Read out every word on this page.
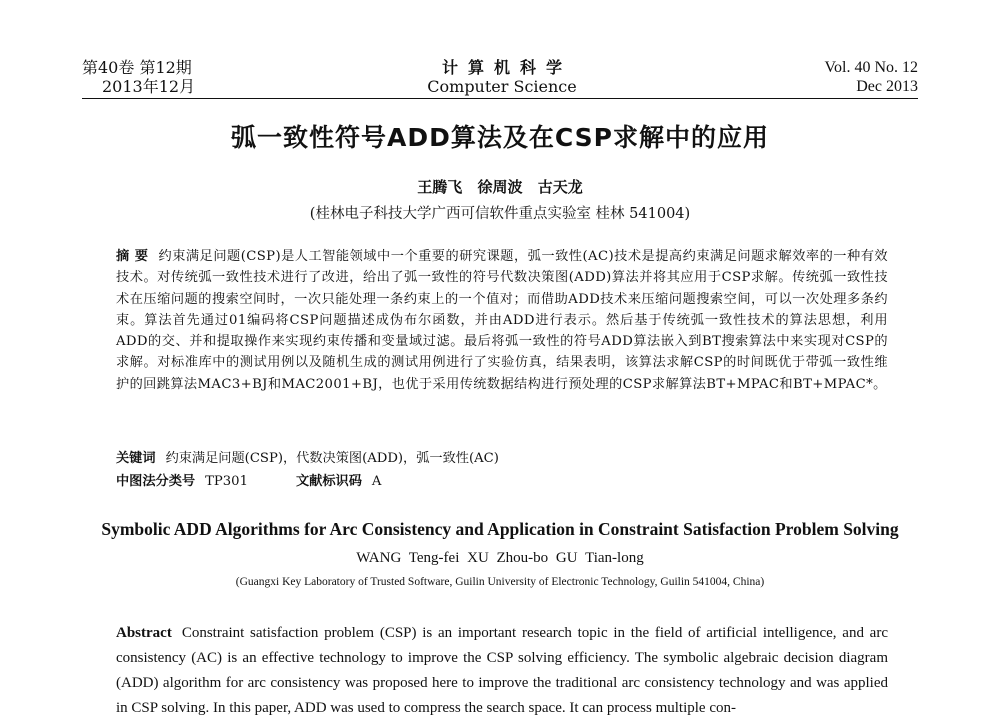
第40卷 第12期
2013年12月
计算机科学
Computer Science
Vol. 40 No. 12
Dec 2013
弧一致性符号ADD算法及在CSP求解中的应用
王腾飞 徐周波 古天龙
(桂林电子科技大学广西可信软件重点实验室 桂林 541004)
摘 要 约束满足问题(CSP)是人工智能领域中一个重要的研究课题，弧一致性(AC)技术是提高约束满足问题求解效率的一种有效技术。对传统弧一致性技术进行了改进，给出了弧一致性的符号代数决策图(ADD)算法并将其应用于CSP求解。传统弧一致性技术在压缩问题的搜索空间时，一次只能处理一条约束上的一个值对；而借助ADD技术来压缩问题搜索空间，可以一次处理多条约束。算法首先通过01编码将CSP问题描述成伪布尔函数，并由ADD进行表示。然后基于传统弧一致性技术的算法思想，利用ADD的交、并和提取操作来实现约束传播和变量域过滤。最后将弧一致性的符号ADD算法嵌入到BT搜索算法中来实现对CSP的求解。对标准库中的测试用例以及随机生成的测试用例进行了实验仿真，结果表明，该算法求解CSP的时间既优于带弧一致性维护的回跳算法MAC3+BJ和MAC2001+BJ，也优于采用传统数据结构进行预处理的CSP求解算法BT+MPAC和BT+MPAC*。
关键词 约束满足问题(CSP)，代数决策图(ADD)，弧一致性(AC)
中图法分类号 TP301	文献标识码 A
Symbolic ADD Algorithms for Arc Consistency and Application in Constraint Satisfaction Problem Solving
WANG Teng-fei XU Zhou-bo GU Tian-long
(Guangxi Key Laboratory of Trusted Software, Guilin University of Electronic Technology, Guilin 541004, China)
Abstract Constraint satisfaction problem (CSP) is an important research topic in the field of artificial intelligence, and arc consistency (AC) is an effective technology to improve the CSP solving efficiency. The symbolic algebraic decision diagram (ADD) algorithm for arc consistency was proposed here to improve the traditional arc consistency technology and was applied in CSP solving. In this paper, ADD was used to compress the search space. It can process multiple con-
